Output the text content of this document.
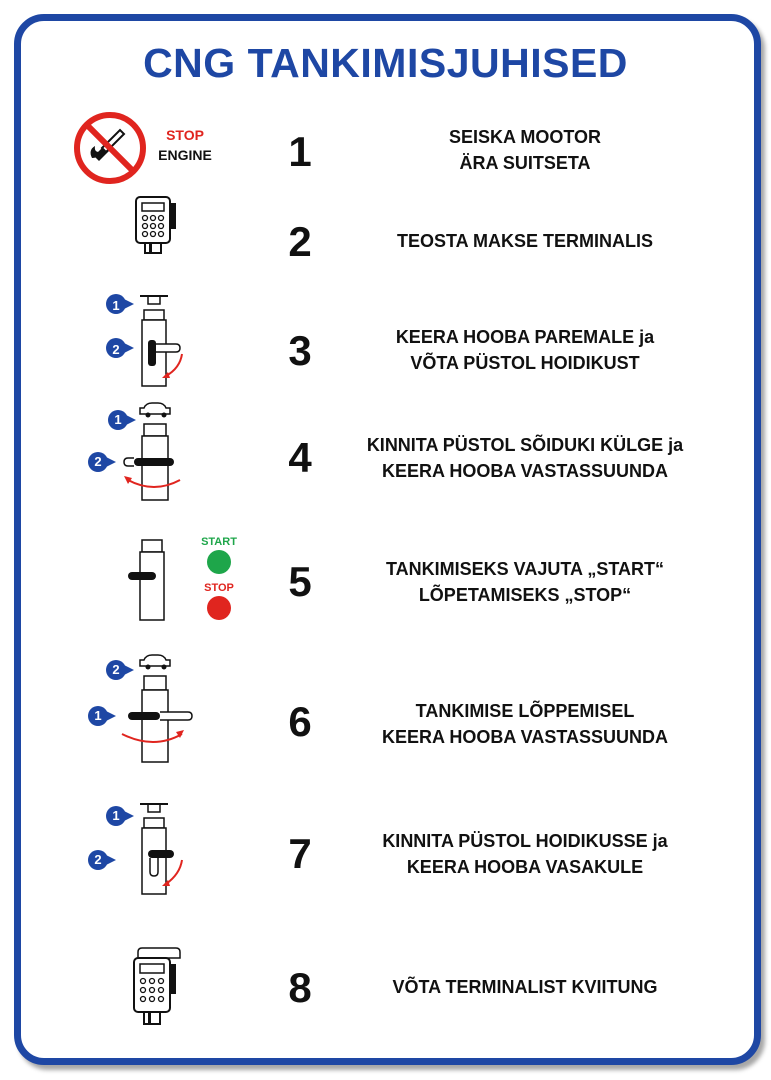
CNG TANKIMISJUHISED
STOP
ENGINE	1	SEISKA MOOTOR
ÄRA SUITSETA
2	TEOSTA MAKSE TERMINALIS
1
2	3	KEERA HOOBA PAREMALE ja
VÕTA PÜSTOL HOIDIKUST
1
2	4	KINNITA PÜSTOL SÕIDUKI KÜLGE ja
KEERA HOOBA VASTASSUUNDA
START
STOP	5	TANKIMISEKS VAJUTA „START“
LÕPETAMISEKS „STOP“
2
1	6	TANKIMISE LÕPPEMISEL
KEERA HOOBA VASTASSUUNDA
1
2	7	KINNITA PÜSTOL HOIDIKUSSE ja
KEERA HOOBA VASAKULE
8	VÕTA TERMINALIST KVIITUNG
